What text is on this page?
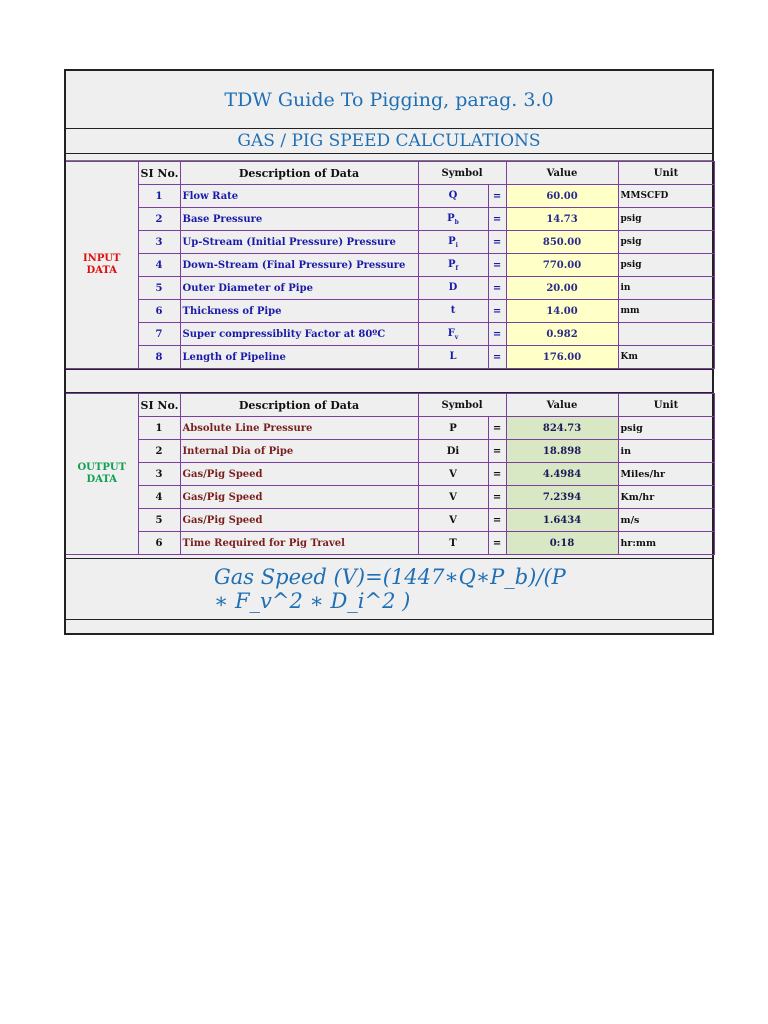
TDW Guide To Pigging, parag. 3.0
GAS / PIG SPEED CALCULATIONS
INPUT
DATA	SI No.	Description of Data	Symbol		Value	Unit
	1	Flow Rate	Q	=	60.00	MMSCFD
	2	Base Pressure	$P_b$	=	14.73	psig
	3	Up-Stream (Initial Pressure) Pressure	$P_i$	=	850.00	psig
	4	Down-Stream (Final Pressure) Pressure	$P_f$	=	770.00	psig
	5	Outer Diameter of Pipe	D	=	20.00	in
	6	Thickness of Pipe	t	=	14.00	mm
	7	Super compressiblity Factor at 80ºC	$F_v$	=	0.982	
	8	Length of Pipeline	L	=	176.00	Km
OUTPUT
DATA	SI No.	Description of Data	Symbol		Value	Unit
	1	Absolute Line Pressure	P	=	824.73	psig
	2	Internal Dia of Pipe	Di	=	18.898	in
	3	Gas/Pig Speed	V	=	4.4984	Miles/hr
	4	Gas/Pig Speed	V	=	7.2394	Km/hr
	5	Gas/Pig Speed	V	=	1.6434	m/s
	6	Time Required for Pig Travel	T	=	0:18	hr:mm
Gas Speed (V)=(1447∗Q∗P_b)/(P
∗ F_v^2 ∗ D_i^2 )
